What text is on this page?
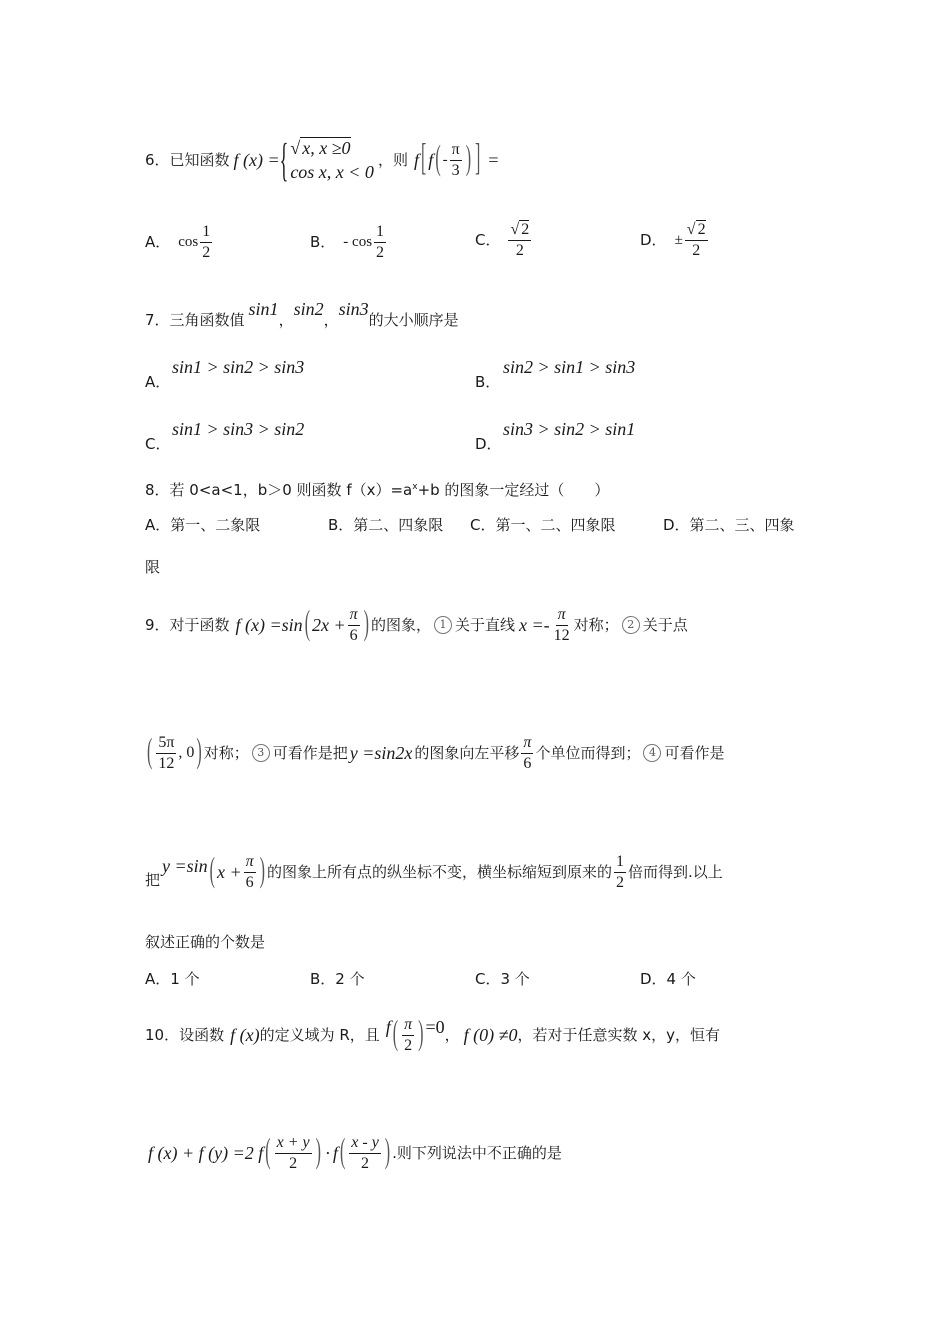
6．已知函数 f (x) = { √ x, x ≥0
cos x, x < 0
，则 f [ f ( - $\frac{\pi}{3}$ ) ] =
A． $\cos \frac{1}{2}$	B． - $\cos \frac{1}{2}$	C． $\frac{√ 2}{2}$	D． ± $\frac{√ 2}{2}$
7．三角函数值
sin1
，
sin2
，
sin3
的大小顺序是
A．
sin1 > sin2 > sin3
B．
sin2 > sin1 > sin3
C．
sin1 > sin3 > sin2
D．
sin3 > sin2 > sin1
8．若 0<a<1，b＞0 则函数 $f(x)=a^x+b$ 的图象一定经过（　　）
A．第一、二象限	B．第二、四象限 C．第一、二、四象限	D．第二、三、四象
限
9．对于函数 f (x) =sin ( $2x + \frac{\pi}{6}$ ) 的图象， 1 关于直线 $x =- \frac{\pi}{12}$ 对称； 2 关于点
( $\frac{5\pi}{12}$ , 0 ) 对称； 3 可看作是把 y =sin2x 的图象向左平移 $\frac{\pi}{6}$ 个单位而得到； 4 可看作是
把
y =sin ( $x + \frac{\pi}{6}$ ) 的图象上所有点的纵坐标不变，横坐标缩短到原来的 $\frac{1}{2}$ 倍而得到 .以上
叙述正确的个数是
A．1 个	B．2 个	C．3 个	D．4 个
10．设函数 f (x) 的定义域为 R，且 f ( $\frac{\pi}{2}$ ) =0 ， f (0) ≠0 ，若对于任意实数 x，y，恒有
f (x) + f (y) =2 f ( $\frac{x + y}{2}$ ) · f ( $\frac{x - y}{2}$ ) .则下列说法中不正确的是
